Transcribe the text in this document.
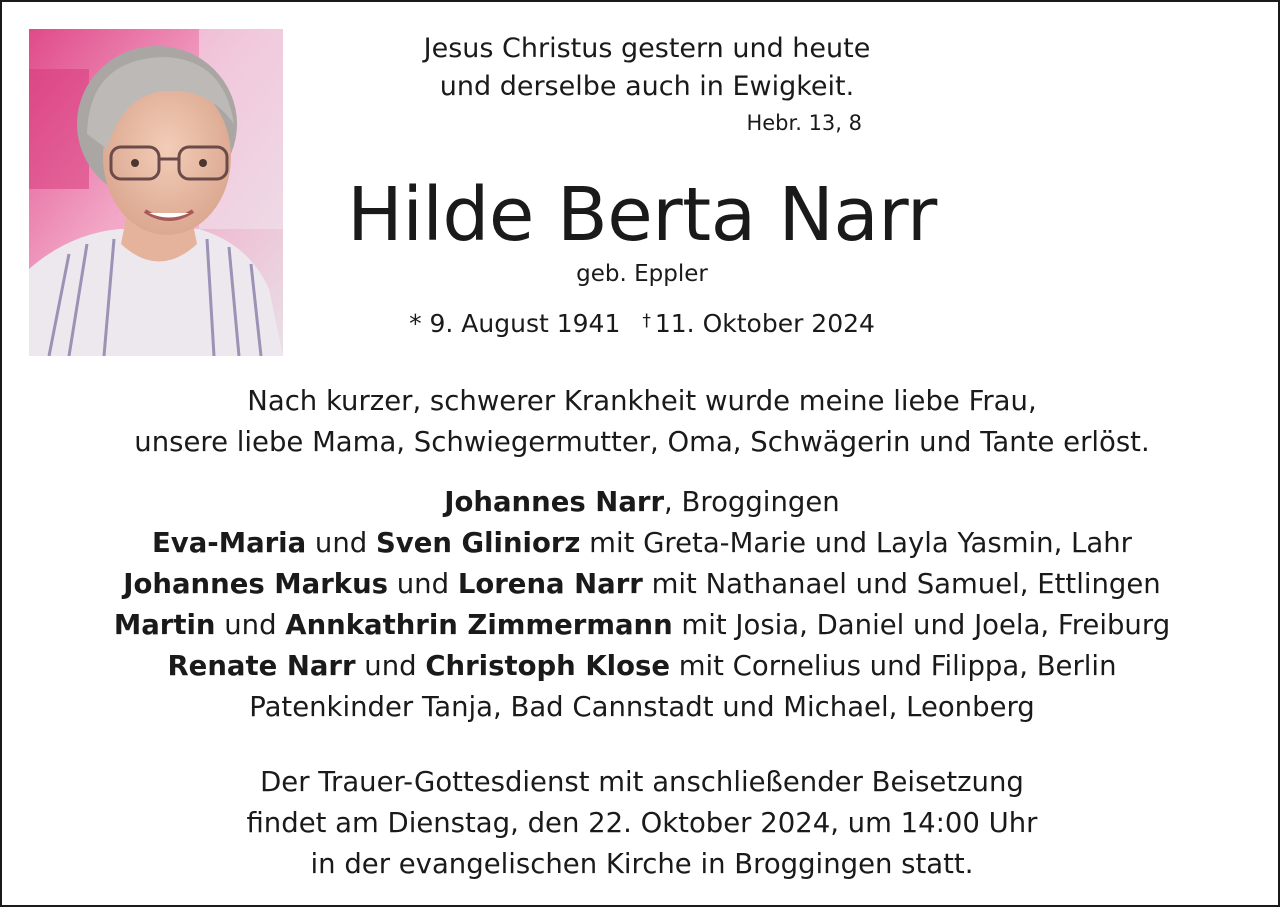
Jesus Christus gestern und heute
und derselbe auch in Ewigkeit.
Hebr. 13, 8
Hilde Berta Narr
geb. Eppler
* 9. August 1941 † 11. Oktober 2024
Nach kurzer, schwerer Krankheit wurde meine liebe Frau,
unsere liebe Mama, Schwiegermutter, Oma, Schwägerin und Tante erlöst.
Johannes Narr, Broggingen
Eva-Maria und Sven Gliniorz mit Greta-Marie und Layla Yasmin, Lahr
Johannes Markus und Lorena Narr mit Nathanael und Samuel, Ettlingen
Martin und Annkathrin Zimmermann mit Josia, Daniel und Joela, Freiburg
Renate Narr und Christoph Klose mit Cornelius und Filippa, Berlin
Patenkinder Tanja, Bad Cannstadt und Michael, Leonberg
Der Trauer-Gottesdienst mit anschließender Beisetzung
findet am Dienstag, den 22. Oktober 2024, um 14:00 Uhr
in der evangelischen Kirche in Broggingen statt.
